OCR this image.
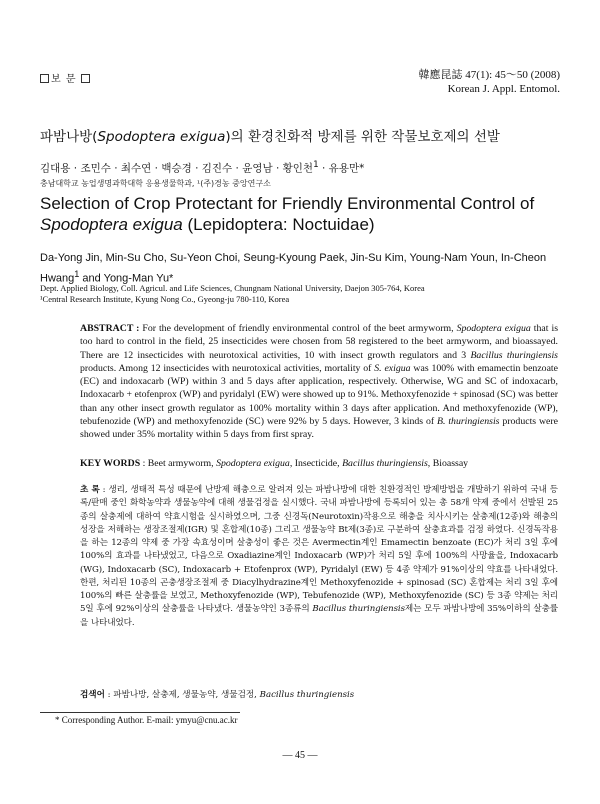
보 문	韓應昆誌 47(1): 45～50 (2008)
Korean J. Appl. Entomol.
파밤나방(Spodoptera exigua)의 환경친화적 방제를 위한 작물보호제의 선발
김대용 · 조민수 · 최수연 · 백승경 · 김진수 · 윤영남 · 황인천$^1$ · 유용만*
충남대학교 농업생명과학대학 응용생물학과, ¹(주)경농 중앙연구소
Selection of Crop Protectant for Friendly Environmental Control of
Spodoptera exigua (Lepidoptera: Noctuidae)
Da-Yong Jin, Min-Su Cho, Su-Yeon Choi, Seung-Kyoung Paek, Jin-Su Kim, Young-Nam Youn, In-Cheon Hwang$^1$ and Yong-Man Yu*
Dept. Applied Biology, Coll. Agricul. and Life Sciences, Chungnam National University, Daejon 305-764, Korea
¹Central Research Institute, Kyung Nong Co., Gyeong-ju 780-110, Korea
ABSTRACT : For the development of friendly environmental control of the beet armyworm, Spodoptera exigua that is too hard to control in the field, 25 insecticides were chosen from 58 registered to the beet armyworm, and bioassayed. There are 12 insecticides with neurotoxical activities, 10 with insect growth regulators and 3 Bacillus thuringiensis products. Among 12 insecticides with neurotoxical activities, mortality of S. exigua was 100% with emamectin benzoate (EC) and indoxacarb (WP) within 3 and 5 days after application, respectively. Otherwise, WG and SC of indoxacarb, Indoxacarb + etofenprox (WP) and pyridalyl (EW) were showed up to 91%. Methoxyfenozide + spinosad (SC) was better than any other insect growth regulator as 100% mortality within 3 days after application. And methoxyfenozide (WP), tebufenozide (WP) and methoxyfenozide (SC) were 92% by 5 days. However, 3 kinds of B. thuringiensis products were showed under 35% mortality within 5 days from first spray.
KEY WORDS : Beet armyworm, Spodoptera exigua, Insecticide, Bacillus thuringiensis, Bioassay
초 록 : 생리, 생태적 특성 때문에 난방제 해충으로 알려져 있는 파밤나방에 대한 친환경적인 방제방법을 개발하기 위하여 국내 등록/판매 중인 화학농약과 생물농약에 대해 생물검정을 실시했다. 국내 파밤나방에 등록되어 있는 총 58개 약제 중에서 선발된 25종의 살충제에 대하여 약효시험을 실시하였으며, 그중 신경독(Neurotoxin)작용으로 해충을 치사시키는 살충제(12종)와 해충의 성장을 저해하는 생장조절제(IGR) 및 혼합제(10종) 그리고 생물농약 Bt제(3종)로 구분하여 살충효과를 검정 하였다. 신경독작용을 하는 12종의 약제 중 가장 속효성이며 살충성이 좋은 것은 Avermectin계인 Emamectin benzoate (EC)가 처리 3일 후에 100%의 효과를 나타냈었고, 다음으로 Oxadiazine계인 Indoxacarb (WP)가 처리 5일 후에 100%의 사망율을, Indoxacarb (WG), Indoxacarb (SC), Indoxacarb + Etofenprox (WP), Pyridalyl (EW) 등 4종 약제가 91%이상의 약효를 나타내었다. 한편, 처리된 10종의 곤충생장조절제 중 Diacylhydrazine계인 Methoxyfenozide + spinosad (SC) 혼합제는 처리 3일 후에 100%의 빠른 살충률을 보였고, Methoxyfenozide (WP), Tebufenozide (WP), Methoxyfenozide (SC) 등 3종 약제는 처리 5일 후에 92%이상의 살충률을 나타냈다. 생물농약인 3종류의 Bacillus thuringiensis제는 모두 파밤나방에 35%이하의 살충률을 나타내었다.
검색어 : 파밤나방, 살충제, 생물농약, 생물검정, Bacillus thuringiensis
* Corresponding Author. E-mail: ymyu@cnu.ac.kr
— 45 —
